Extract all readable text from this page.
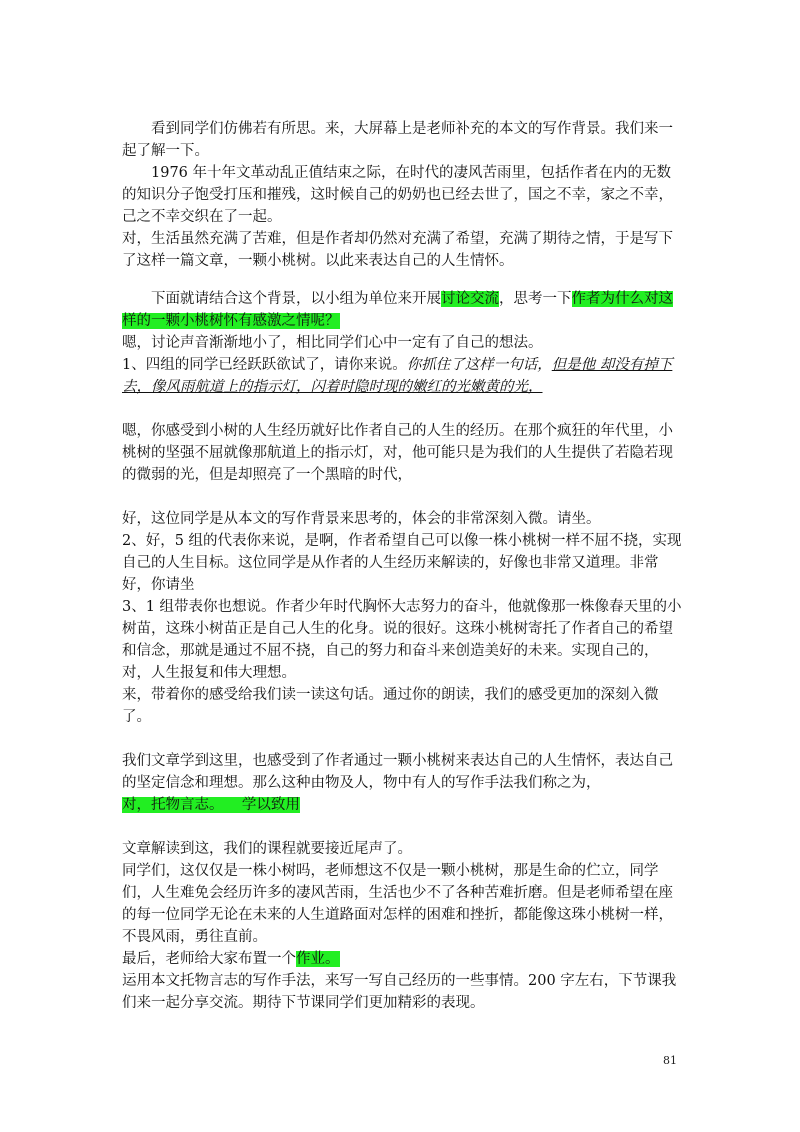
看到同学们仿佛若有所思。来，大屏幕上是老师补充的本文的写作背景。我们来一起了解一下。

1976 年十年文革动乱正值结束之际，在时代的凄风苦雨里，包括作者在内的无数的知识分子饱受打压和摧残，这时候自己的奶奶也已经去世了，国之不幸，家之不幸，己之不幸交织在了一起。

对，生活虽然充满了苦难，但是作者却仍然对充满了希望，充满了期待之情，于是写下了这样一篇文章，一颗小桃树。以此来表达自己的人生情怀。

下面就请结合这个背景，以小组为单位来开展讨论交流，思考一下作者为什么对这样的一颗小桃树怀有感激之情呢？

嗯，讨论声音渐渐地小了，相比同学们心中一定有了自己的想法。

1、四组的同学已经跃跃欲试了，请你来说。你抓住了这样一句话，但是他 却没有掉下去，像风雨航道上的指示灯，闪着时隐时现的嫩红的光嫩黄的光，

嗯，你感受到小树的人生经历就好比作者自己的人生的经历。在那个疯狂的年代里，小桃树的坚强不屈就像那航道上的指示灯，对，他可能只是为我们的人生提供了若隐若现的微弱的光，但是却照亮了一个黑暗的时代，

好，这位同学是从本文的写作背景来思考的，体会的非常深刻入微。请坐。

2、好，5 组的代表你来说，是啊，作者希望自己可以像一株小桃树一样不屈不挠，实现自己的人生目标。这位同学是从作者的人生经历来解读的，好像也非常又道理。非常好，你请坐

3、1 组带表你也想说。作者少年时代胸怀大志努力的奋斗，他就像那一株像春天里的小树苗，这珠小树苗正是自己人生的化身。说的很好。这珠小桃树寄托了作者自己的希望和信念，那就是通过不屈不挠，自己的努力和奋斗来创造美好的未来。实现自己的，对，人生报复和伟大理想。

来，带着你的感受给我们读一读这句话。通过你的朗读，我们的感受更加的深刻入微了。

我们文章学到这里，也感受到了作者通过一颗小桃树来表达自己的人生情怀，表达自己的坚定信念和理想。那么这种由物及人，物中有人的写作手法我们称之为，对，托物言志。    学以致用

文章解读到这，我们的课程就要接近尾声了。

同学们，这仅仅是一株小树吗，老师想这不仅是一颗小桃树，那是生命的伫立，同学们，人生难免会经历许多的凄风苦雨，生活也少不了各种苦难折磨。但是老师希望在座的每一位同学无论在未来的人生道路面对怎样的困难和挫折，都能像这珠小桃树一样，不畏风雨，勇往直前。

最后，老师给大家布置一个作业。

运用本文托物言志的写作手法，来写一写自己经历的一些事情。200 字左右，下节课我们来一起分享交流。期待下节课同学们更加精彩的表现。

81
